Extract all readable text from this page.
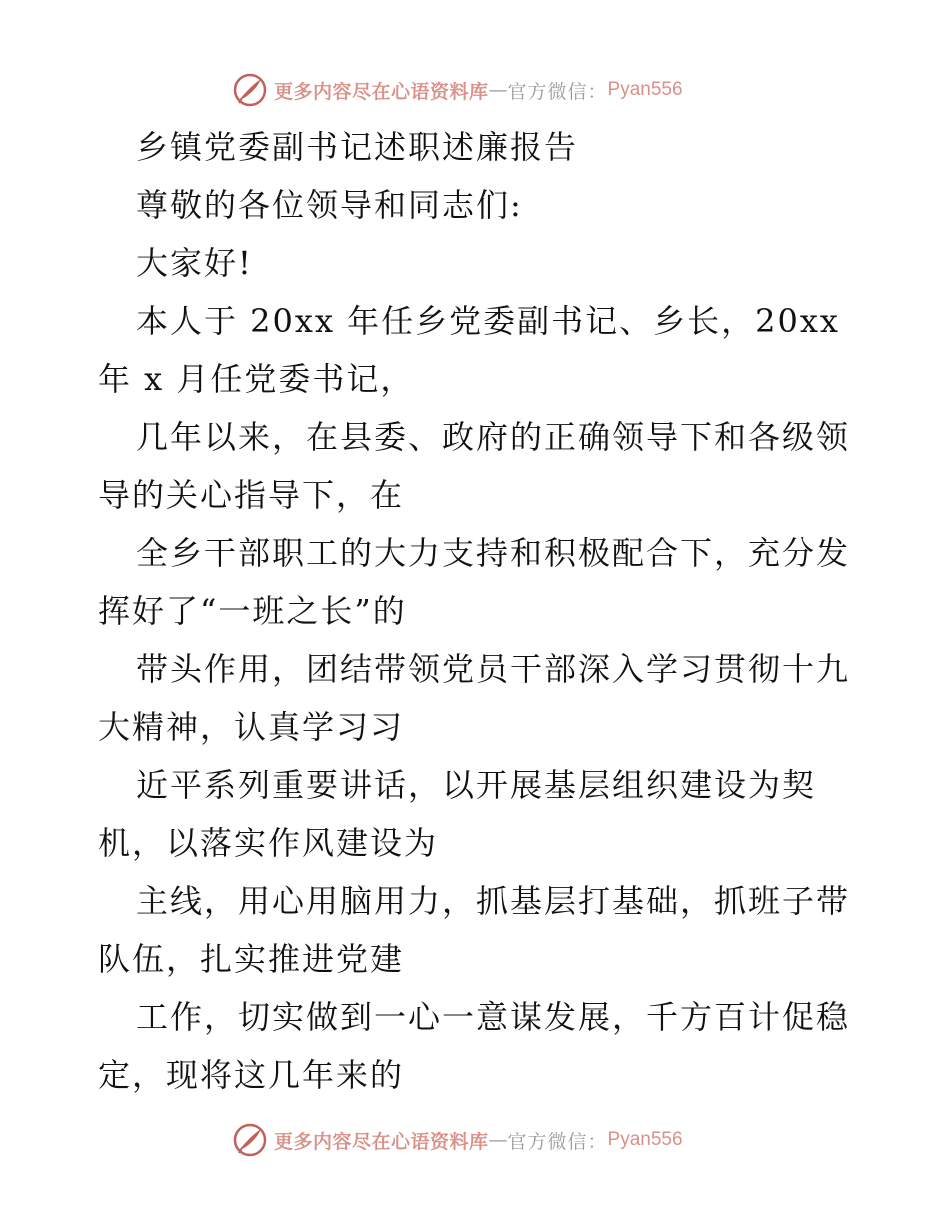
更多内容尽在心语资料库 — 官方微信： Pyan556
乡镇党委副书记述职述廉报告
尊敬的各位领导和同志们:
大家好!
本人于 20xx 年任乡党委副书记、乡长，20xx
年 x 月任党委书记，
几年以来，在县委、政府的正确领导下和各级领
导的关心指导下，在
全乡干部职工的大力支持和积极配合下，充分发
挥好了“一班之长”的
带头作用，团结带领党员干部深入学习贯彻十九
大精神，认真学习习
近平系列重要讲话，以开展基层组织建设为契
机，以落实作风建设为
主线，用心用脑用力，抓基层打基础，抓班子带
队伍，扎实推进党建
工作，切实做到一心一意谋发展，千方百计促稳
定，现将这几年来的
更多内容尽在心语资料库 — 官方微信： Pyan556
